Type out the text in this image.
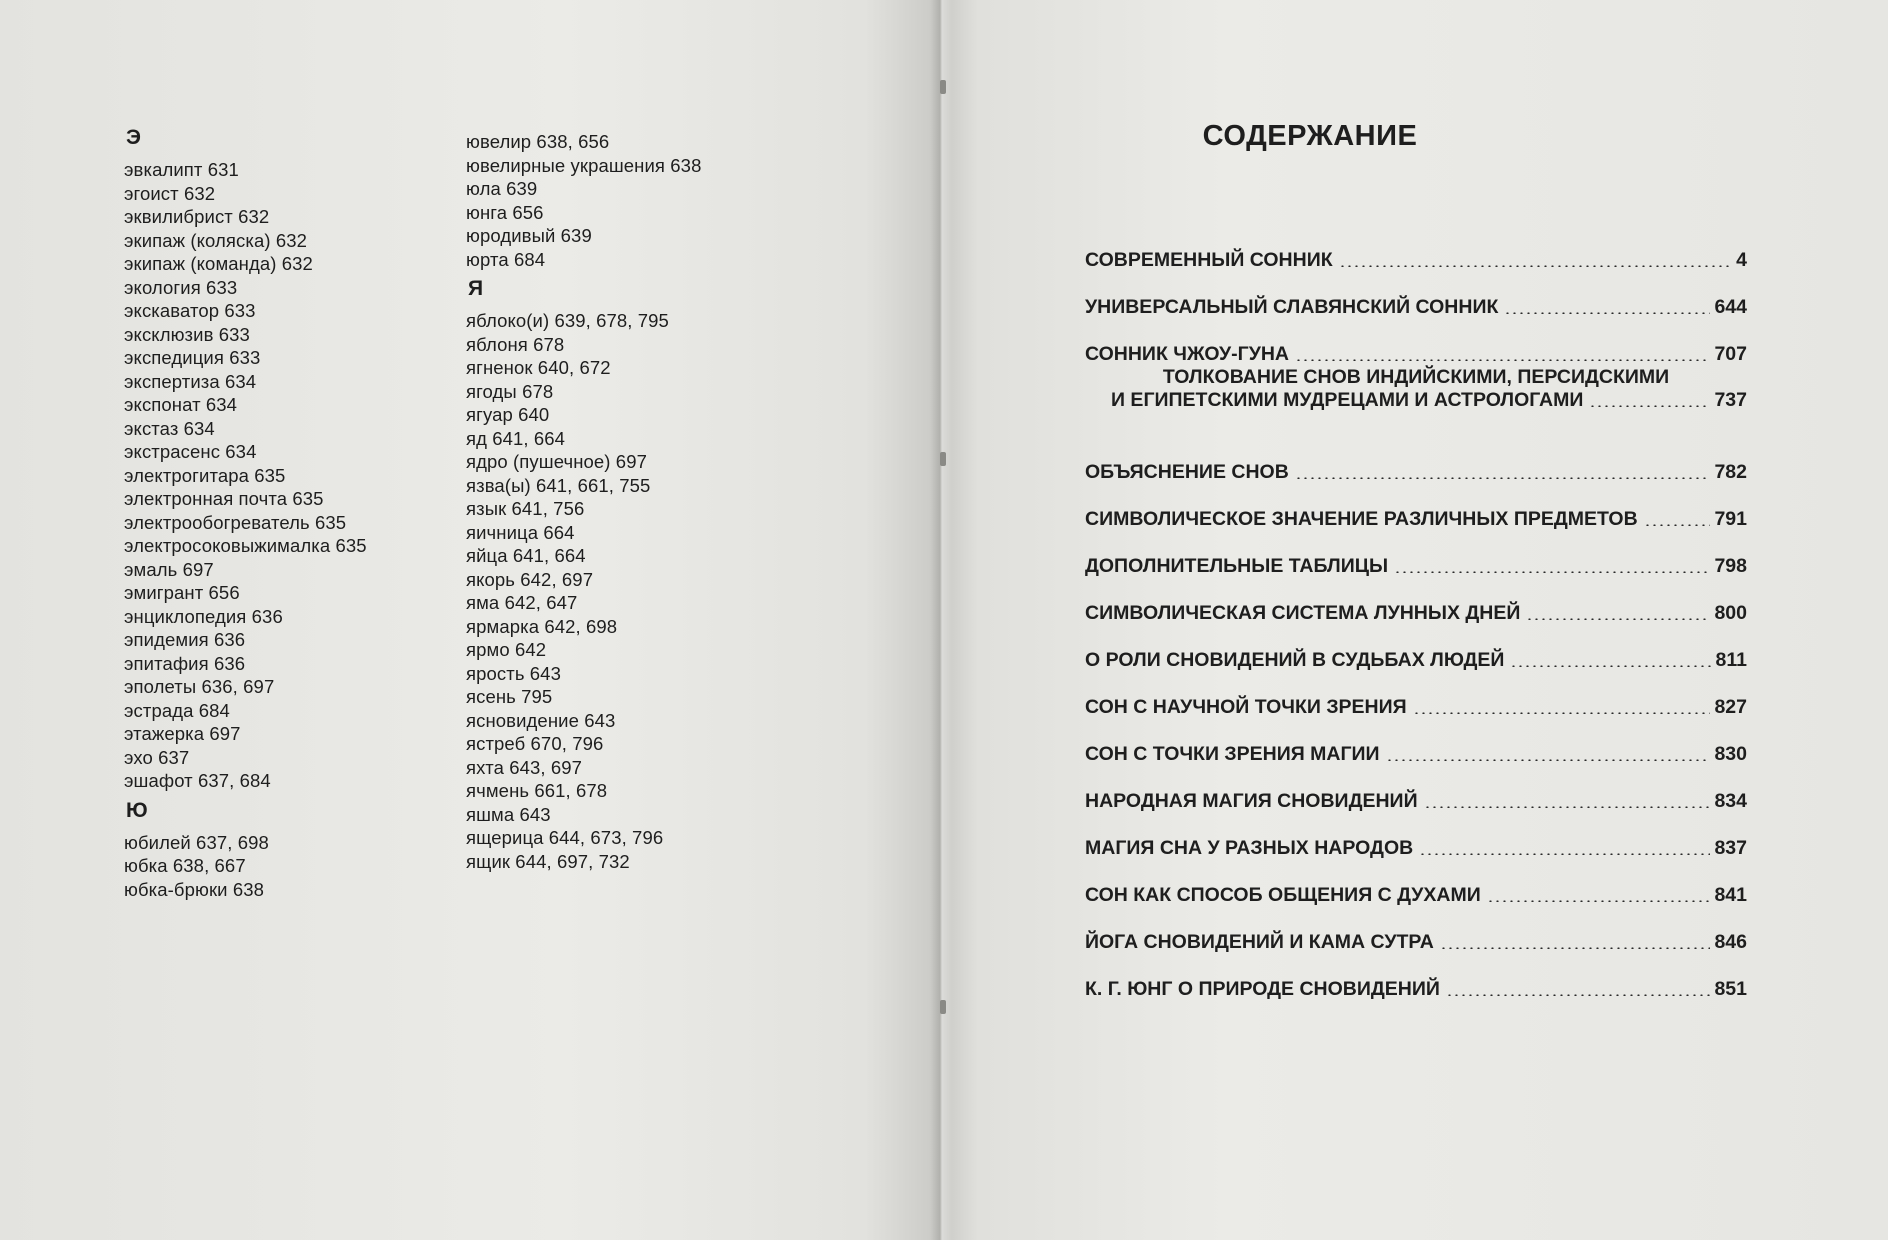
Э
эвкалипт 631
эгоист 632
эквилибрист 632
экипаж (коляска) 632
экипаж (команда) 632
экология 633
экскаватор 633
эксклюзив 633
экспедиция 633
экспертиза 634
экспонат 634
экстаз 634
экстрасенс 634
электрогитара 635
электронная почта 635
электрообогреватель 635
электросоковыжималка 635
эмаль 697
эмигрант 656
энциклопедия 636
эпидемия 636
эпитафия 636
эполеты 636, 697
эстрада 684
этажерка 697
эхо 637
эшафот 637, 684
Ю
юбилей 637, 698
юбка 638, 667
юбка-брюки 638
ювелир 638, 656
ювелирные украшения 638
юла 639
юнга 656
юродивый 639
юрта 684
Я
яблоко(и) 639, 678, 795
яблоня 678
ягненок 640, 672
ягоды 678
ягуар 640
яд 641, 664
ядро (пушечное) 697
язва(ы) 641, 661, 755
язык 641, 756
яичница 664
яйца 641, 664
якорь 642, 697
яма 642, 647
ярмарка 642, 698
ярмо 642
ярость 643
ясень 795
ясновидение 643
ястреб 670, 796
яхта 643, 697
ячмень 661, 678
яшма 643
ящерица 644, 673, 796
ящик 644, 697, 732
СОДЕРЖАНИЕ
СОВРЕМЕННЫЙ СОННИК	4
УНИВЕРСАЛЬНЫЙ СЛАВЯНСКИЙ СОННИК	644
СОННИК ЧЖОУ-ГУНА	707
ТОЛКОВАНИЕ СНОВ ИНДИЙСКИМИ, ПЕРСИДСКИМИ
И ЕГИПЕТСКИМИ МУДРЕЦАМИ И АСТРОЛОГАМИ	737
ОБЪЯСНЕНИЕ СНОВ	782
СИМВОЛИЧЕСКОЕ ЗНАЧЕНИЕ РАЗЛИЧНЫХ ПРЕДМЕТОВ	791
ДОПОЛНИТЕЛЬНЫЕ ТАБЛИЦЫ	798
СИМВОЛИЧЕСКАЯ СИСТЕМА ЛУННЫХ ДНЕЙ	800
О РОЛИ СНОВИДЕНИЙ В СУДЬБАХ ЛЮДЕЙ	811
СОН С НАУЧНОЙ ТОЧКИ ЗРЕНИЯ	827
СОН С ТОЧКИ ЗРЕНИЯ МАГИИ	830
НАРОДНАЯ МАГИЯ СНОВИДЕНИЙ	834
МАГИЯ СНА У РАЗНЫХ НАРОДОВ	837
СОН КАК СПОСОБ ОБЩЕНИЯ С ДУХАМИ	841
ЙОГА СНОВИДЕНИЙ И КАМА СУТРА	846
К. Г. ЮНГ О ПРИРОДЕ СНОВИДЕНИЙ	851
